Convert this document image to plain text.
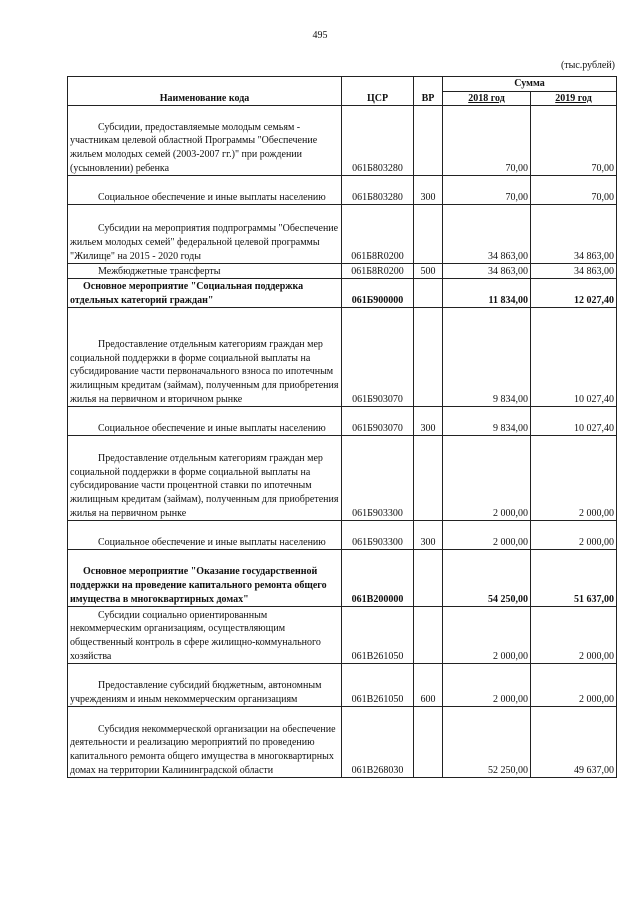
495
(тыс.рублей)
Наименование кода	ЦСР	ВР	Сумма	
			2018 год	2019 год
Субсидии, предоставляемые молодым семьям - участникам целевой областной Программы "Обеспечение жильем молодых семей (2003-2007 гг.)" при рождении (усыновлении) ребенка	061Б803280		70,00	70,00
Социальное обеспечение и иные выплаты населению	061Б803280	300	70,00	70,00
Субсидии на мероприятия подпрограммы "Обеспечение жильем молодых семей" федеральной целевой программы "Жилище" на 2015 - 2020 годы	061Б8R0200		34 863,00	34 863,00
Межбюджетные трансферты	061Б8R0200	500	34 863,00	34 863,00
Основное мероприятие "Социальная поддержка отдельных категорий граждан"	061Б900000		11 834,00	12 027,40
Предоставление отдельным категориям граждан мер социальной поддержки в форме социальной выплаты на субсидирование части первоначального взноса по ипотечным жилищным кредитам (займам), полученным для приобретения жилья на первичном и вторичном рынке	061Б903070		9 834,00	10 027,40
Социальное обеспечение и иные выплаты населению	061Б903070	300	9 834,00	10 027,40
Предоставление отдельным категориям граждан мер социальной поддержки в форме социальной выплаты на субсидирование части процентной ставки по ипотечным жилищным кредитам (займам), полученным для приобретения жилья на первичном рынке	061Б903300		2 000,00	2 000,00
Социальное обеспечение и иные выплаты населению	061Б903300	300	2 000,00	2 000,00
Основное мероприятие "Оказание государственной поддержки на проведение капитального ремонта общего имущества в многоквартирных домах"	061В200000		54 250,00	51 637,00
Субсидии социально ориентированным некоммерческим организациям, осуществляющим общественный контроль в сфере жилищно-коммунального хозяйства	061В261050		2 000,00	2 000,00
Предоставление субсидий бюджетным, автономным учреждениям и иным некоммерческим организациям	061В261050	600	2 000,00	2 000,00
Субсидия некоммерческой организации на обеспечение деятельности и реализацию мероприятий по проведению капитального ремонта общего имущества в многоквартирных домах на территории Калининградской области	061В268030		52 250,00	49 637,00
